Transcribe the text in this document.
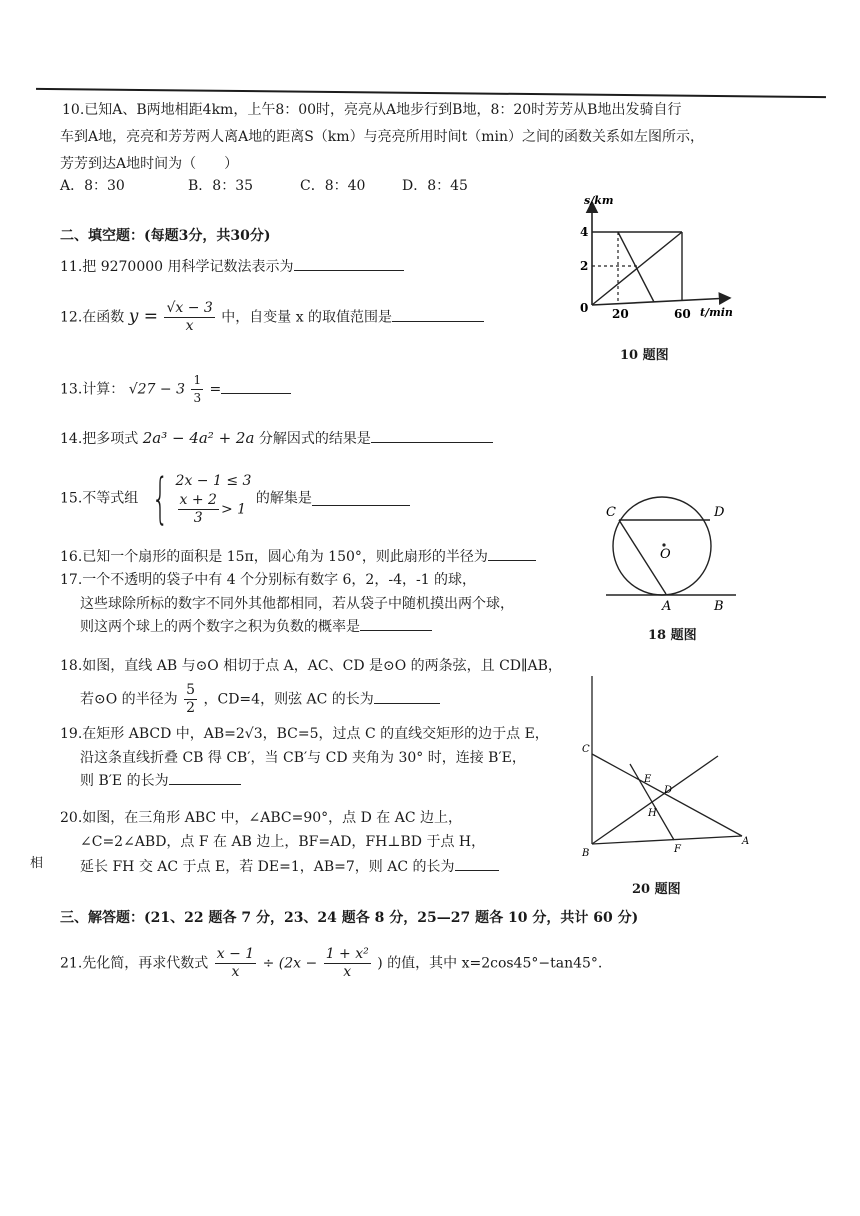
10.已知A、B两地相距4km，上午8：00时，亮亮从A地步行到B地，8：20时芳芳从B地出发骑自行
车到A地，亮亮和芳芳两人离A地的距离S（km）与亮亮所用时间t（min）之间的函数关系如左图所示，
芳芳到达A地时间为（　　）
A．8：30	B．8：35	C．8：40	D．8：45
二、填空题：(每题3分，共30分)
11.把 9270000 用科学记数法表示为
12.在函数 $y = \frac{√x - 3}{x}$ 中，自变量 x 的取值范围是
13.计算： $√27 - 3 \frac{1}{3}$ =
14.把多项式 2a³ − 4a² + 2a 分解因式的结果是
15.不等式组 { 2x − 1 ≤ 3
$\frac{x + 2}{3} > 1$
的解集是
16.已知一个扇形的面积是 15π，圆心角为 150°，则此扇形的半径为
17.一个不透明的袋子中有 4 个分别标有数字 6，2，-4，-1 的球，
这些球除所标的数字不同外其他都相同，若从袋子中随机摸出两个球，
则这两个球上的两个数字之积为负数的概率是
18.如图，直线 AB 与⊙O 相切于点 A，AC、CD 是⊙O 的两条弦，且 CD∥AB，
若⊙O 的半径为 $\frac{5}{2}$ ，CD=4，则弦 AC 的长为
19.在矩形 ABCD 中，AB=2√3，BC=5，过点 C 的直线交矩形的边于点 E，
沿这条直线折叠 CB 得 CB′，当 CB′与 CD 夹角为 30° 时，连接 B′E，
则 B′E 的长为
20.如图，在三角形 ABC 中，∠ABC=90°，点 D 在 AC 边上，
∠C=2∠ABD，点 F 在 AB 边上，BF=AD，FH⊥BD 于点 H，
延长 FH 交 AC 于点 E，若 DE=1，AB=7，则 AC 的长为
相
三、解答题：(21、22 题各 7 分，23、24 题各 8 分，25—27 题各 10 分，共计 60 分)
21.先化简，再求代数式 $\frac{x - 1}{x} \div (2x - \frac{\text{1 + x²}}{x}$ ) 的值，其中 x=2cos45°−tan45°.
s/km
t/min
0
4
2
20	60
10 题图
C	D
O
A	B
18 题图
C
E
D
H
A
B	F
20 题图
